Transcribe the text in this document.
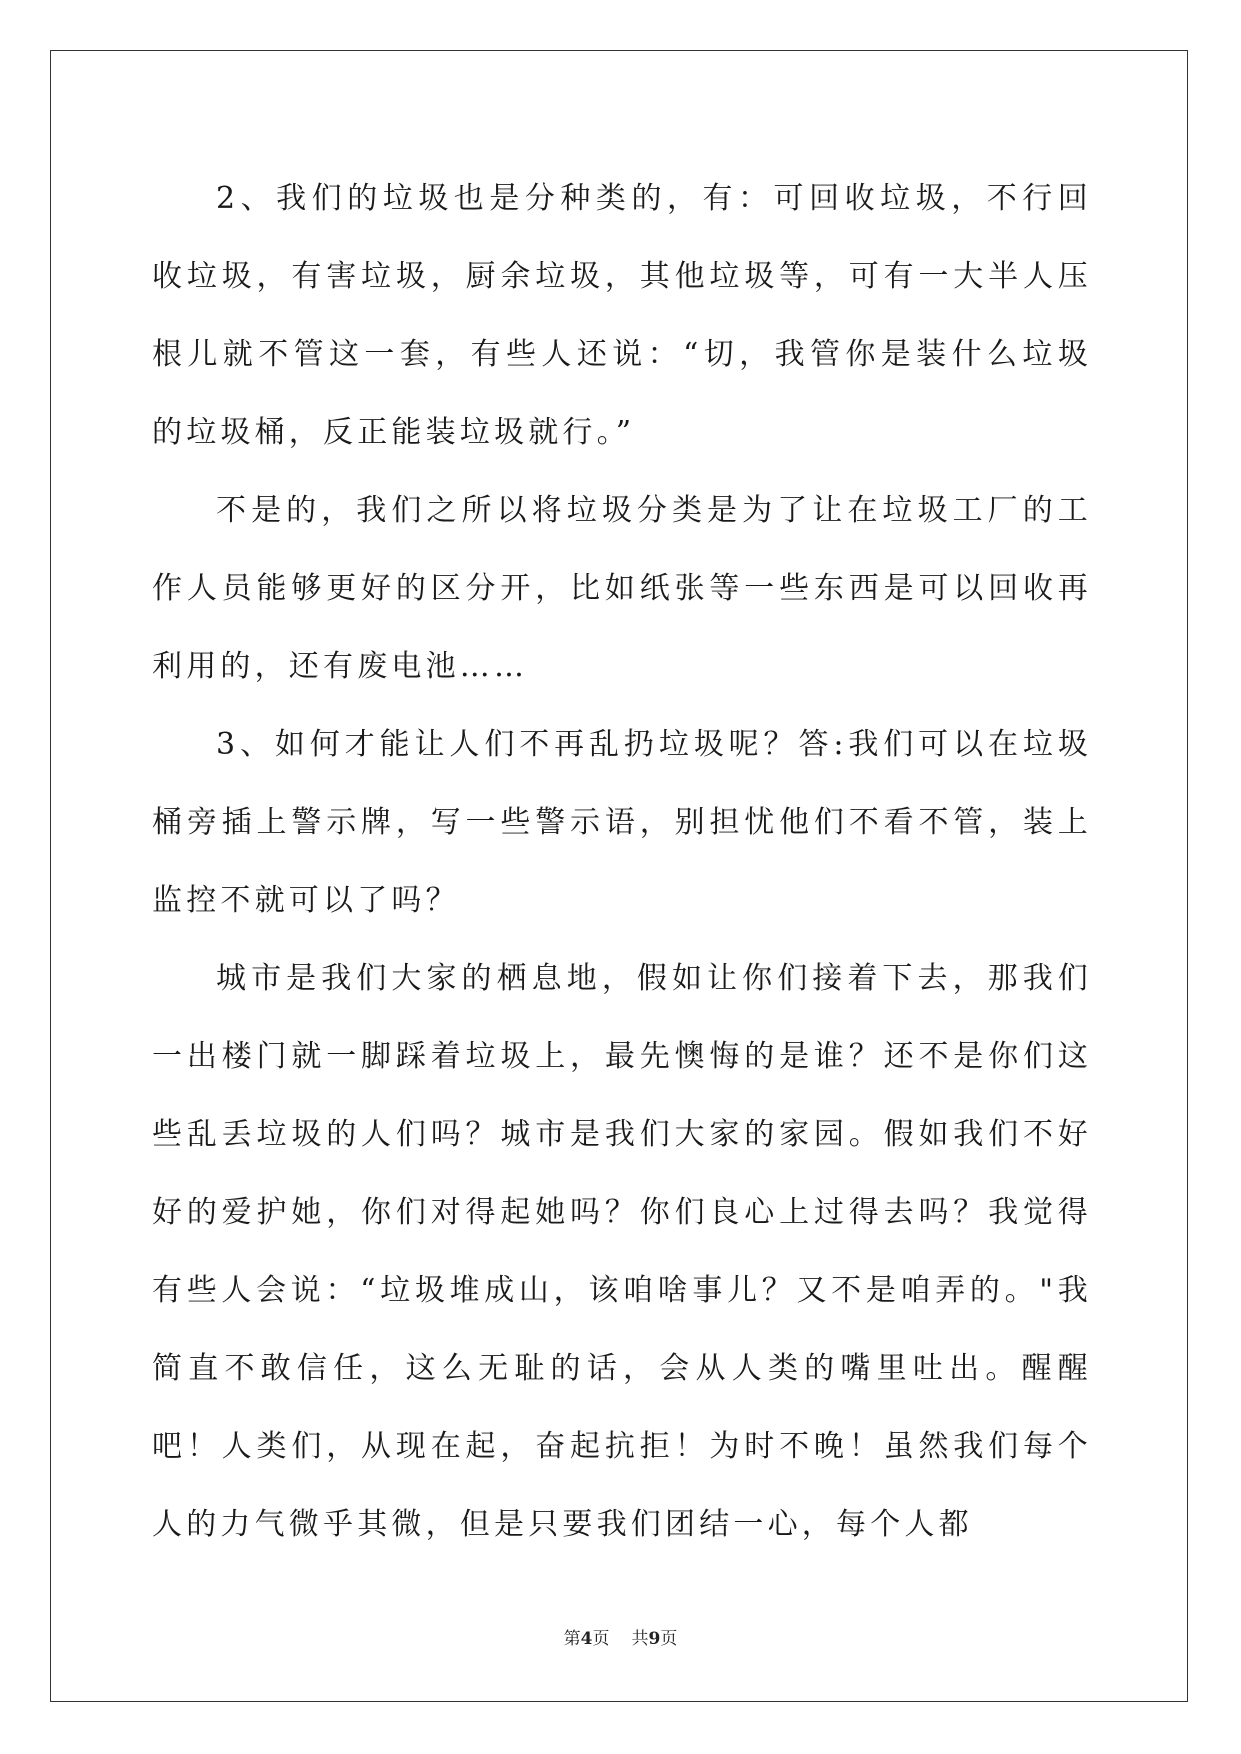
2、我们的垃圾也是分种类的，有：可回收垃圾，不行回收垃圾，有害垃圾，厨余垃圾，其他垃圾等，可有一大半人压根儿就不管这一套，有些人还说：“切，我管你是装什么垃圾的垃圾桶，反正能装垃圾就行。”

不是的，我们之所以将垃圾分类是为了让在垃圾工厂的工作人员能够更好的区分开，比如纸张等一些东西是可以回收再利用的，还有废电池……

3、如何才能让人们不再乱扔垃圾呢？答:我们可以在垃圾桶旁插上警示牌，写一些警示语，别担忧他们不看不管，装上监控不就可以了吗？

城市是我们大家的栖息地，假如让你们接着下去，那我们一出楼门就一脚踩着垃圾上，最先懊悔的是谁？还不是你们这些乱丢垃圾的人们吗？城市是我们大家的家园。假如我们不好好的爱护她，你们对得起她吗？你们良心上过得去吗？我觉得有些人会说：“垃圾堆成山，该咱啥事儿？又不是咱弄的。"我简直不敢信任，这么无耻的话，会从人类的嘴里吐出。醒醒吧！人类们，从现在起，奋起抗拒！为时不晚！虽然我们每个人的力气微乎其微，但是只要我们团结一心，每个人都

第4页 共9页
